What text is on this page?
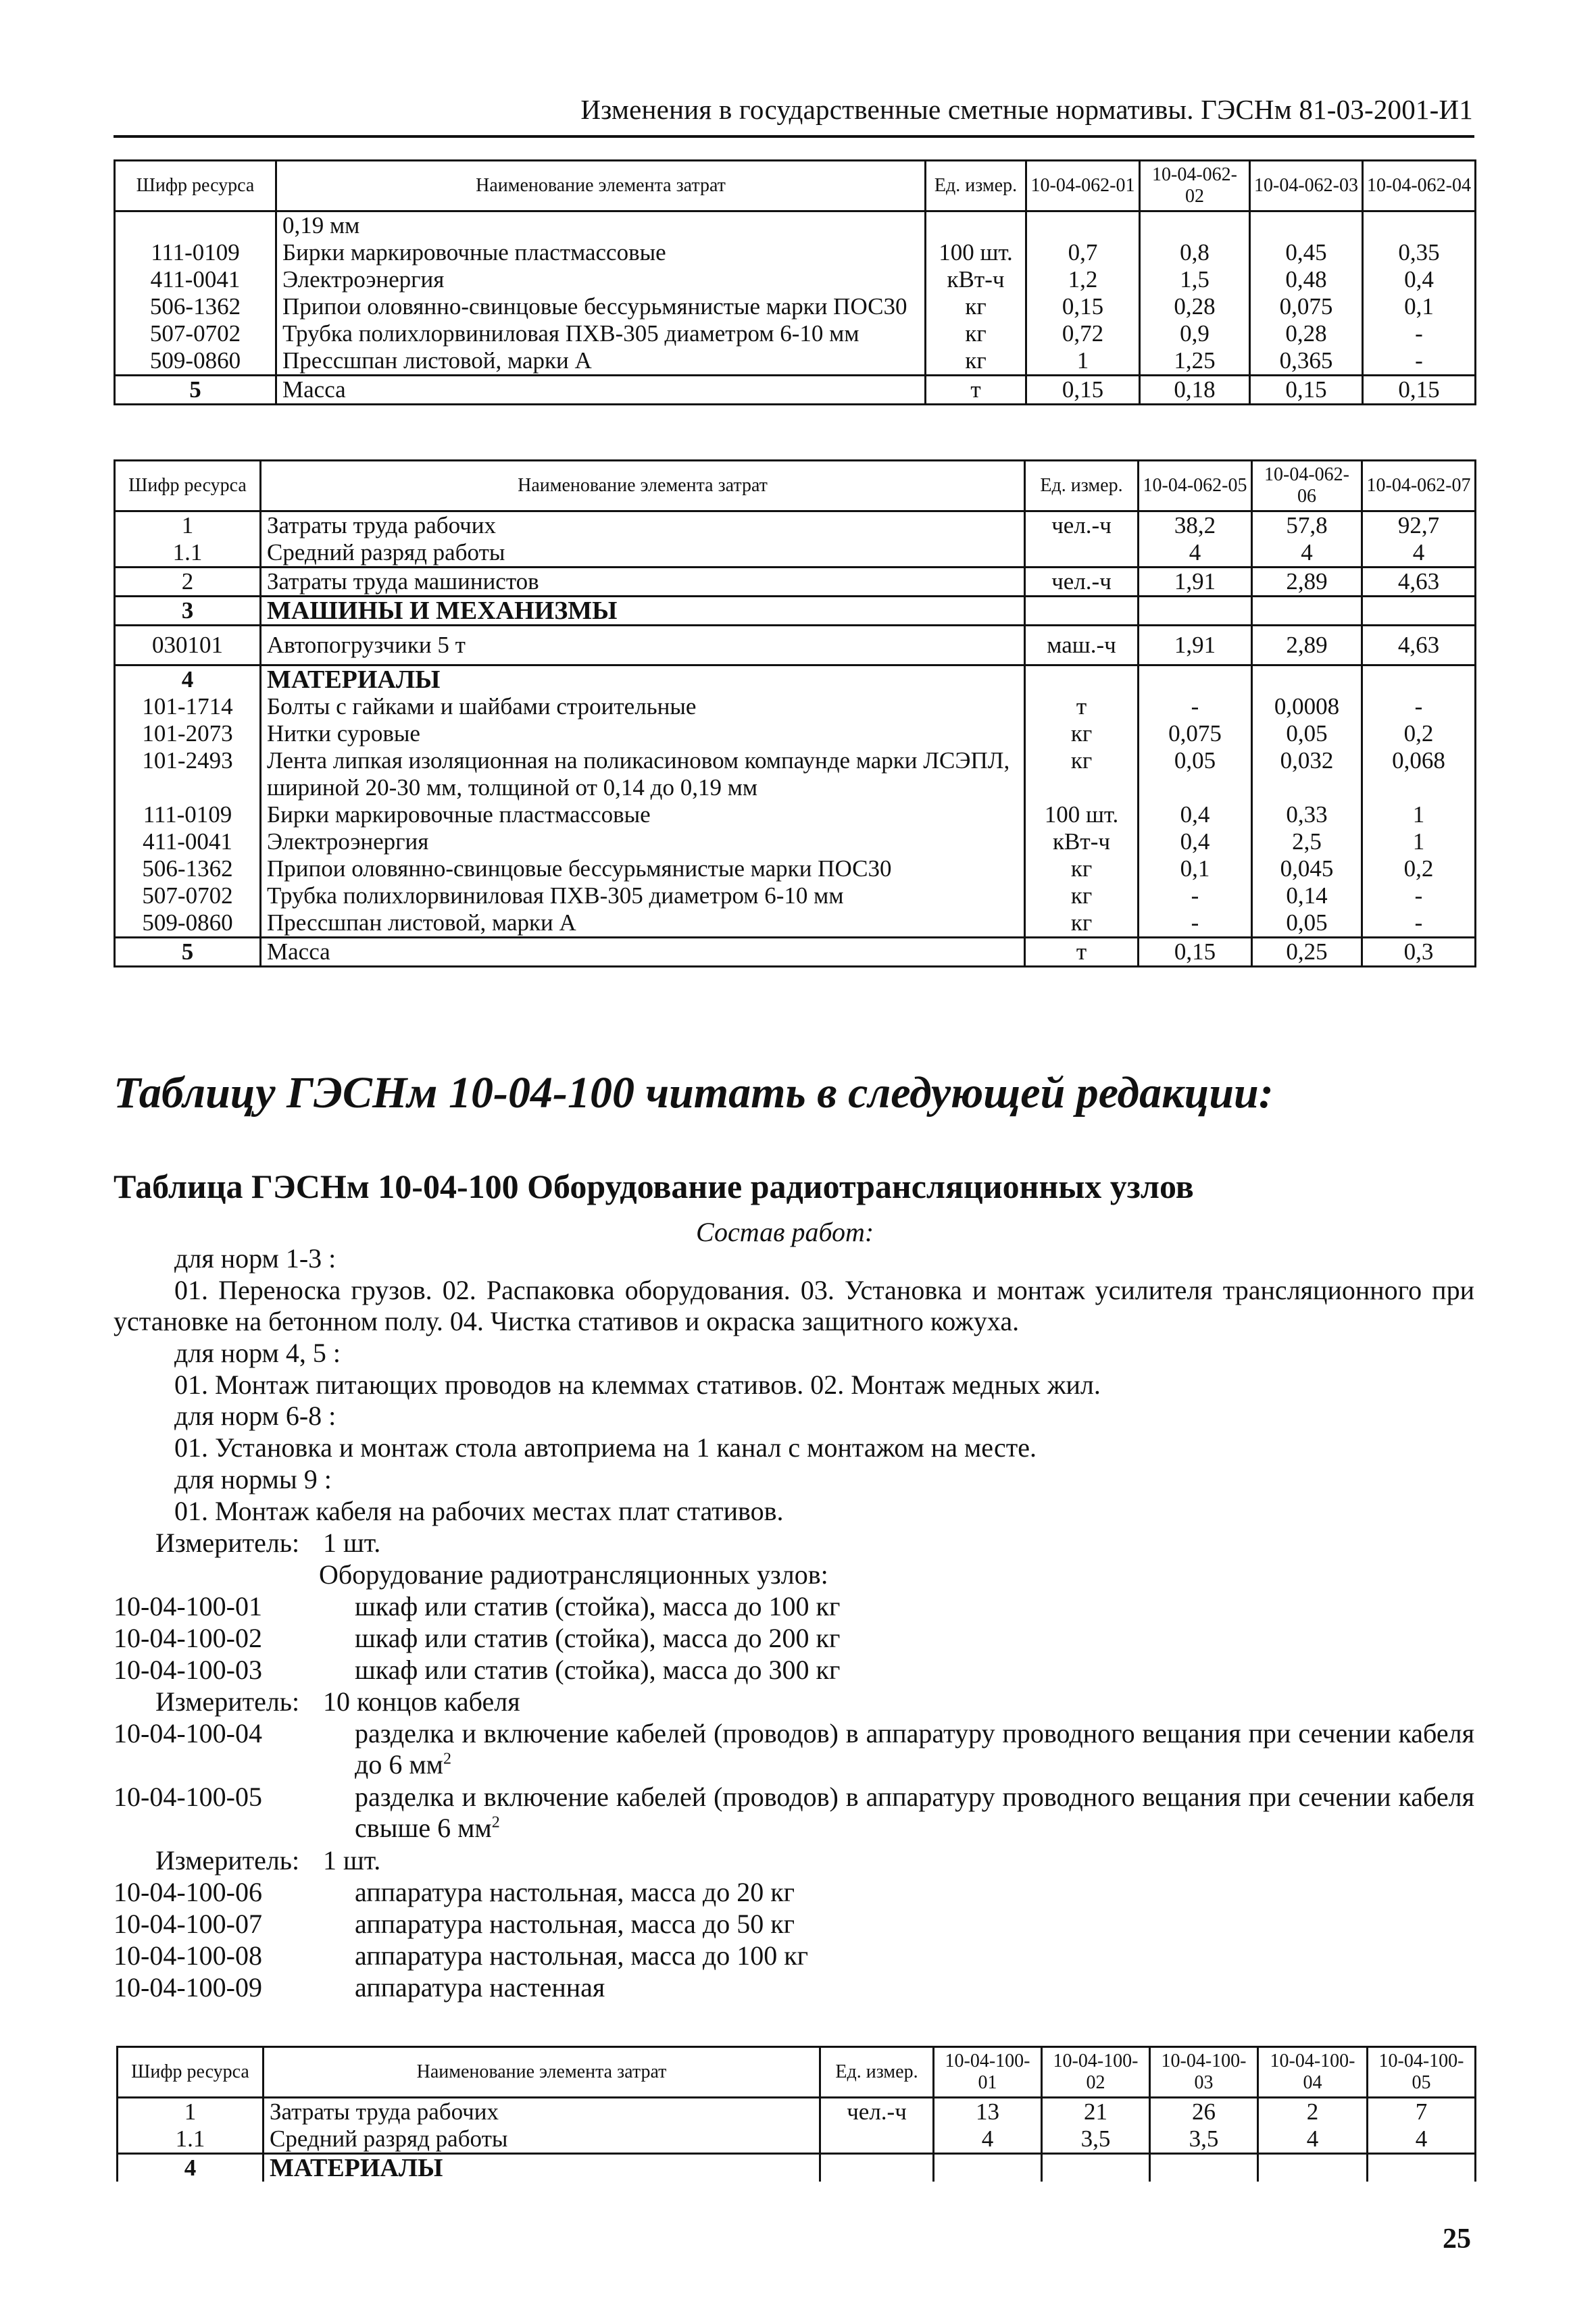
Изменения в государственные сметные нормативы. ГЭСНм 81-03-2001-И1
Шифр ресурса	Наименование элемента затрат	Ед. измер.	10-04-062-01	10-04-062-02	10-04-062-03	10-04-062-04
	0,19 мм					
111-0109	Бирки маркировочные пластмассовые	100 шт.	0,7	0,8	0,45	0,35
411-0041	Электроэнергия	кВт-ч	1,2	1,5	0,48	0,4
506-1362	Припои оловянно-свинцовые бессурьмянистые марки ПОС30	кг	0,15	0,28	0,075	0,1
507-0702	Трубка полихлорвиниловая ПХВ-305 диаметром 6-10 мм	кг	0,72	0,9	0,28	-
509-0860	Прессшпан листовой, марки А	кг	1	1,25	0,365	-
5	Масса	т	0,15	0,18	0,15	0,15
Шифр ресурса	Наименование элемента затрат	Ед. измер.	10-04-062-05	10-04-062-06	10-04-062-07
1	Затраты труда рабочих	чел.-ч	38,2	57,8	92,7
1.1	Средний разряд работы		4	4	4
2	Затраты труда машинистов	чел.-ч	1,91	2,89	4,63
3	МАШИНЫ И МЕХАНИЗМЫ				
030101	Автопогрузчики 5 т	маш.-ч	1,91	2,89	4,63
4	МАТЕРИАЛЫ				
101-1714	Болты с гайками и шайбами строительные	т	-	0,0008	-
101-2073	Нитки суровые	кг	0,075	0,05	0,2
101-2493	Лента липкая изоляционная на поликасиновом компаунде марки ЛСЭПЛ, шириной 20-30 мм, толщиной от 0,14 до 0,19 мм	кг	0,05	0,032	0,068
111-0109	Бирки маркировочные пластмассовые	100 шт.	0,4	0,33	1
411-0041	Электроэнергия	кВт-ч	0,4	2,5	1
506-1362	Припои оловянно-свинцовые бессурьмянистые марки ПОС30	кг	0,1	0,045	0,2
507-0702	Трубка полихлорвиниловая ПХВ-305 диаметром 6-10 мм	кг	-	0,14	-
509-0860	Прессшпан листовой, марки А	кг	-	0,05	-
5	Масса	т	0,15	0,25	0,3
Таблицу ГЭСНм 10-04-100 читать в следующей редакции:
Таблица ГЭСНм 10-04-100 Оборудование радиотрансляционных узлов
Состав работ:
для норм 1-3 :
01. Переноска грузов. 02. Распаковка оборудования. 03. Установка и монтаж усилителя трансляционного при установке на бетонном полу. 04. Чистка стативов и окраска защитного кожуха.
для норм 4, 5 :
01. Монтаж питающих проводов на клеммах стативов. 02. Монтаж медных жил.
для норм 6-8 :
01. Установка и монтаж стола автоприема на 1 канал с монтажом на месте.
для нормы 9 :
01. Монтаж кабеля на рабочих местах плат стативов.
Измеритель: 1 шт.
Оборудование радиотрансляционных узлов:
10-04-100-01	шкаф или статив (стойка), масса до 100 кг
10-04-100-02	шкаф или статив (стойка), масса до 200 кг
10-04-100-03	шкаф или статив (стойка), масса до 300 кг
Измеритель: 10 концов кабеля
10-04-100-04	разделка и включение кабелей (проводов) в аппаратуру проводного вещания при сечении кабеля до 6 $мм^2$
10-04-100-05	разделка и включение кабелей (проводов) в аппаратуру проводного вещания при сечении кабеля свыше 6 $мм^2$
Измеритель: 1 шт.
10-04-100-06	аппаратура настольная, масса до 20 кг
10-04-100-07	аппаратура настольная, масса до 50 кг
10-04-100-08	аппаратура настольная, масса до 100 кг
10-04-100-09	аппаратура настенная
Шифр ресурса	Наименование элемента затрат	Ед. измер.	10-04-100-01	10-04-100-02	10-04-100-03	10-04-100-04	10-04-100-05
1	Затраты труда рабочих	чел.-ч	13	21	26	2	7
1.1	Средний разряд работы		4	3,5	3,5	4	4
4	МАТЕРИАЛЫ						
25
